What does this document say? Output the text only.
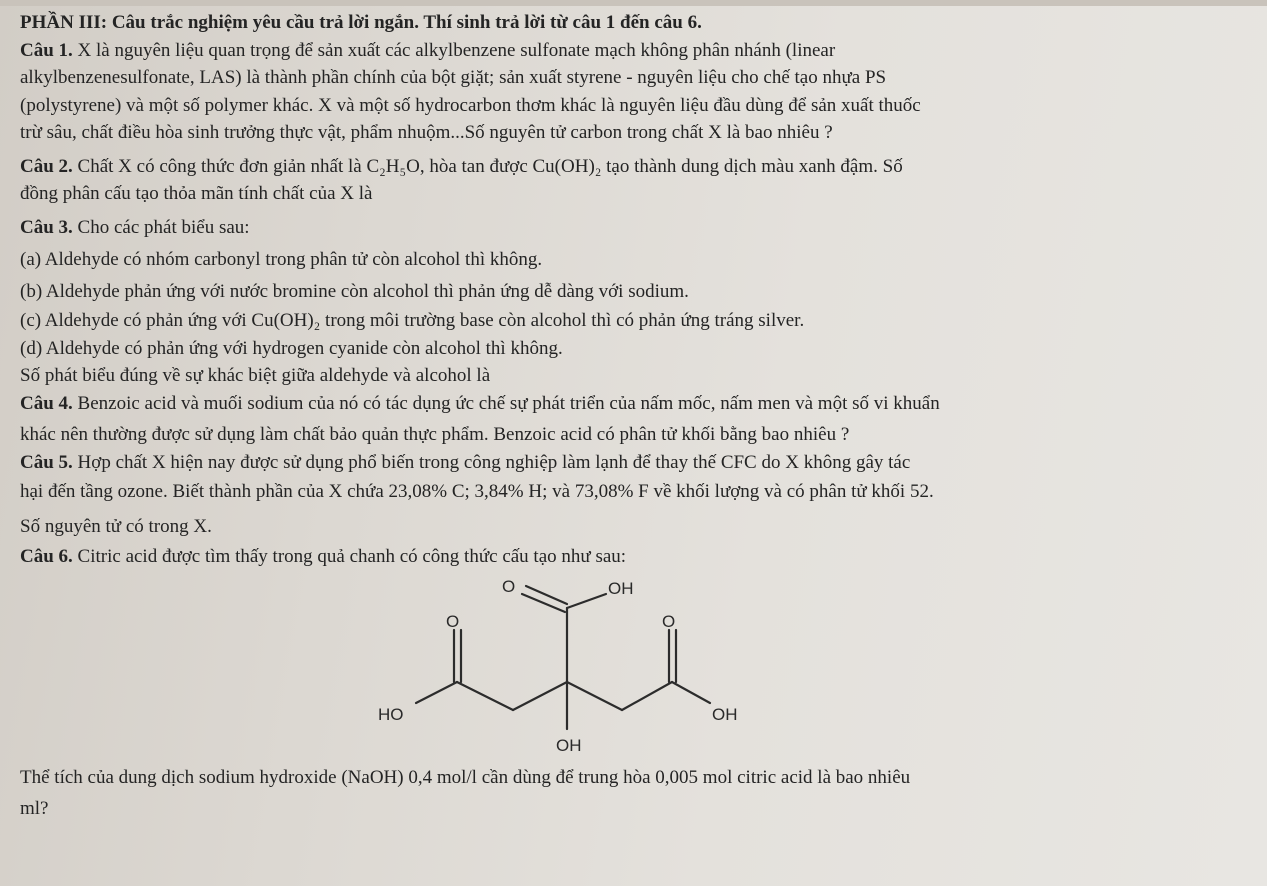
PHẦN III: Câu trắc nghiệm yêu cầu trả lời ngắn. Thí sinh trả lời từ câu 1 đến câu 6.
Câu 1. X là nguyên liệu quan trọng để sản xuất các alkylbenzene sulfonate mạch không phân nhánh (linear
alkylbenzenesulfonate, LAS) là thành phần chính của bột giặt; sản xuất styrene - nguyên liệu cho chế tạo nhựa PS
(polystyrene) và một số polymer khác. X và một số hydrocarbon thơm khác là nguyên liệu đầu dùng để sản xuất thuốc
trừ sâu, chất điều hòa sinh trưởng thực vật, phẩm nhuộm...Số nguyên tử carbon trong chất X là bao nhiêu ?
Câu 2. Chất X có công thức đơn giản nhất là C₂H₅O, hòa tan được Cu(OH)₂ tạo thành dung dịch màu xanh đậm. Số
đồng phân cấu tạo thỏa mãn tính chất của X là
Câu 3. Cho các phát biểu sau:
(a) Aldehyde có nhóm carbonyl trong phân tử còn alcohol thì không.
(b) Aldehyde phản ứng với nước bromine còn alcohol thì phản ứng dễ dàng với sodium.
(c) Aldehyde có phản ứng với Cu(OH)₂ trong môi trường base còn alcohol thì có phản ứng tráng silver.
(d) Aldehyde có phản ứng với hydrogen cyanide còn alcohol thì không.
Số phát biểu đúng về sự khác biệt giữa aldehyde và alcohol là
Câu 4. Benzoic acid và muối sodium của nó có tác dụng ức chế sự phát triển của nấm mốc, nấm men và một số vi khuẩn
khác nên thường được sử dụng làm chất bảo quản thực phẩm. Benzoic acid có phân tử khối bằng bao nhiêu ?
Câu 5. Hợp chất X hiện nay được sử dụng phổ biến trong công nghiệp làm lạnh để thay thế CFC do X không gây tác
hại đến tầng ozone. Biết thành phần của X chứa 23,08% C; 3,84% H; và 73,08% F về khối lượng và có phân tử khối 52.
Số nguyên tử có trong X.
Câu 6. Citric acid được tìm thấy trong quả chanh có công thức cấu tạo như sau:
O	OH
O	O
HO	OH
OH
Thể tích của dung dịch sodium hydroxide (NaOH) 0,4 mol/l cần dùng để trung hòa 0,005 mol citric acid là bao nhiêu
ml?
